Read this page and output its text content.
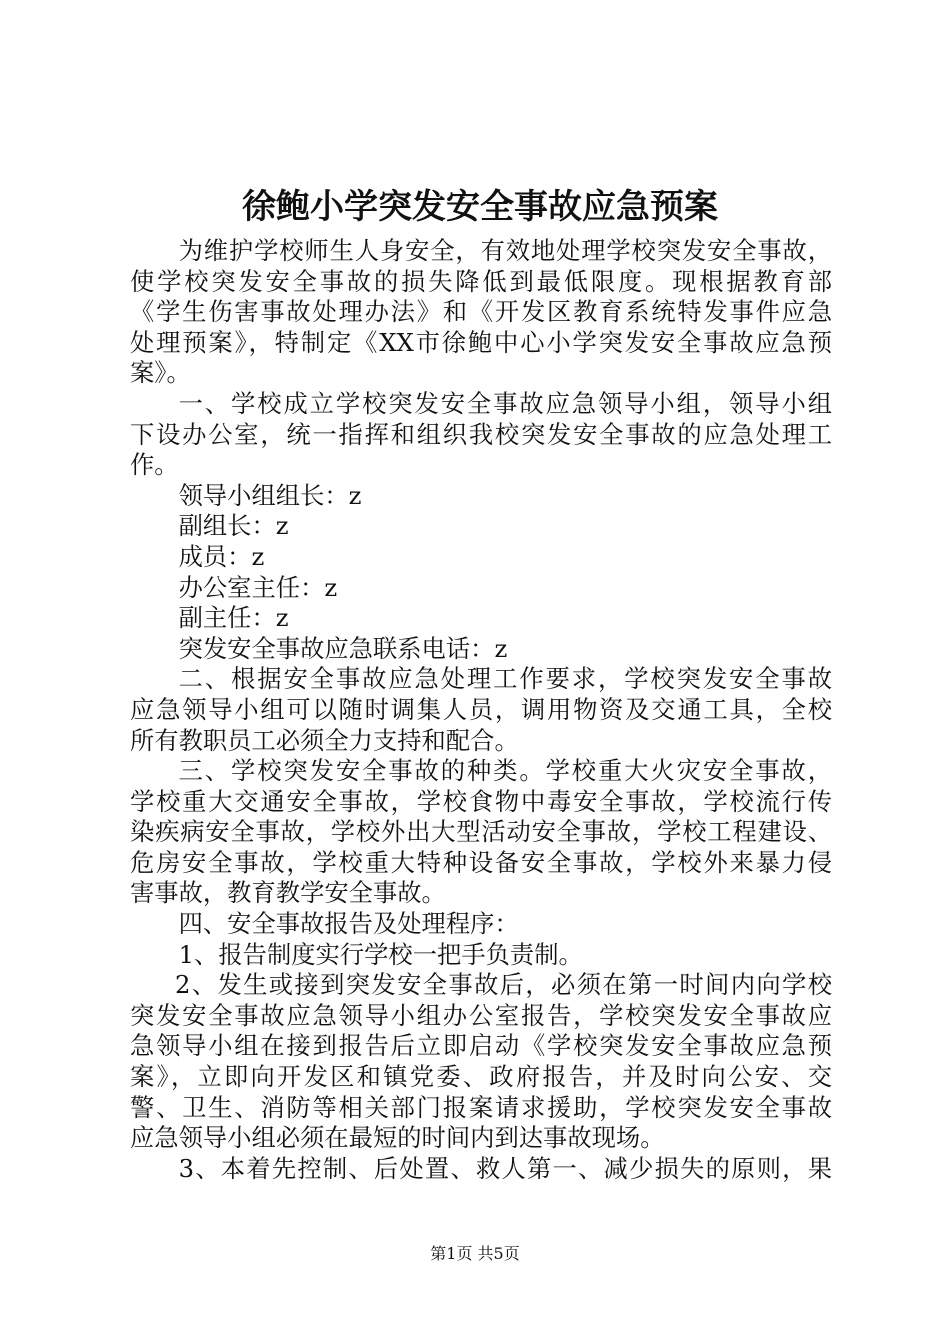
徐鲍小学突发安全事故应急预案
为维护学校师生人身安全，有效地处理学校突发安全事故，
使学校突发安全事故的损失降低到最低限度。现根据教育部
《学生伤害事故处理办法》和《开发区教育系统特发事件应急
处理预案》，特制定《XX市徐鲍中心小学突发安全事故应急预
案》。
一、学校成立学校突发安全事故应急领导小组，领导小组
下设办公室，统一指挥和组织我校突发安全事故的应急处理工
作。
领导小组组长：z
副组长：z
成员：z
办公室主任：z
副主任：z
突发安全事故应急联系电话：z
二、根据安全事故应急处理工作要求，学校突发安全事故
应急领导小组可以随时调集人员，调用物资及交通工具，全校
所有教职员工必须全力支持和配合。
三、学校突发安全事故的种类。学校重大火灾安全事故，
学校重大交通安全事故，学校食物中毒安全事故，学校流行传
染疾病安全事故，学校外出大型活动安全事故，学校工程建设、
危房安全事故，学校重大特种设备安全事故，学校外来暴力侵
害事故，教育教学安全事故。
四、安全事故报告及处理程序：
1、报告制度实行学校一把手负责制。
2、发生或接到突发安全事故后，必须在第一时间内向学校
突发安全事故应急领导小组办公室报告，学校突发安全事故应
急领导小组在接到报告后立即启动《学校突发安全事故应急预
案》，立即向开发区和镇党委、政府报告，并及时向公安、交
警、卫生、消防等相关部门报案请求援助，学校突发安全事故
应急领导小组必须在最短的时间内到达事故现场。
3、本着先控制、后处置、救人第一、减少损失的原则，果
第1页 共5页
